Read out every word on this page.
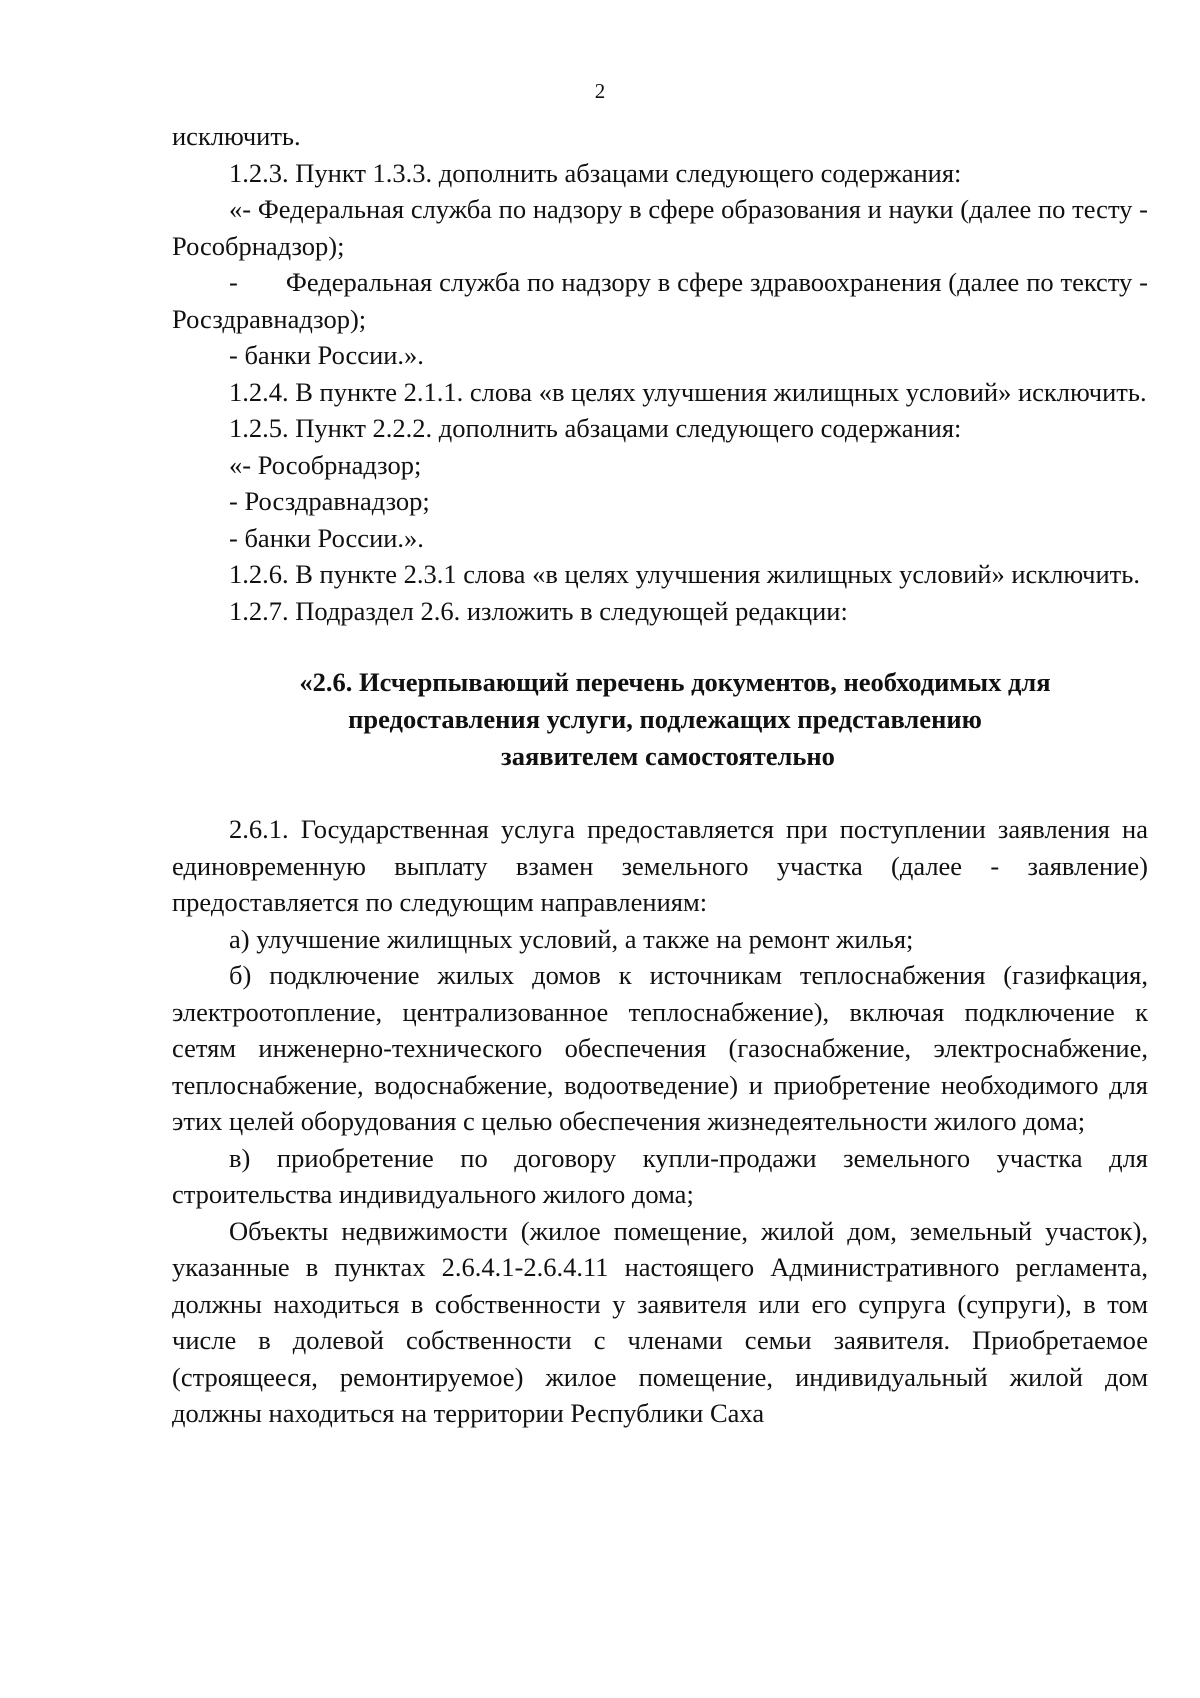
2

исключить.

1.2.3. Пункт 1.3.3. дополнить абзацами следующего содержания:

«- Федеральная служба по надзору в сфере образования и науки (далее по тесту - Рособрнадзор);

-       Федеральная служба по надзору в сфере здравоохранения (далее по тексту - Росздравнадзор);

- банки России.».

1.2.4. В пункте 2.1.1. слова «в целях улучшения жилищных условий» исключить.

1.2.5. Пункт 2.2.2. дополнить абзацами следующего содержания:

«- Рособрнадзор;

- Росздравнадзор;

- банки России.».

1.2.6. В пункте 2.3.1 слова «в целях улучшения жилищных условий» исключить.

1.2.7. Подраздел 2.6. изложить в следующей редакции:

«2.6. Исчерпывающий перечень документов, необходимых для
предоставления услуги, подлежащих представлению
заявителем самостоятельно

2.6.1. Государственная услуга предоставляется при поступлении заявления на единовременную выплату взамен земельного участка (далее - заявление) предоставляется по следующим направлениям:

а) улучшение жилищных условий, а также на ремонт жилья;

б) подключение жилых домов к источникам теплоснабжения (газифкация, электроотопление, централизованное теплоснабжение), включая подключение к сетям инженерно-технического обеспечения (газоснабжение, электроснабжение, теплоснабжение, водоснабжение, водоотведение) и приобретение необходимого для этих целей оборудования с целью обеспечения жизнедеятельности жилого дома;

в) приобретение по договору купли-продажи земельного участка для строительства индивидуального жилого дома;

Объекты недвижимости (жилое помещение, жилой дом, земельный участок), указанные в пунктах 2.6.4.1-2.6.4.11 настоящего Административного регламента, должны находиться в собственности у заявителя или его супруга (супруги), в том числе в долевой собственности с членами семьи заявителя. Приобретаемое (строящееся, ремонтируемое) жилое помещение, индивидуальный жилой дом должны находиться на территории Республики Саха
